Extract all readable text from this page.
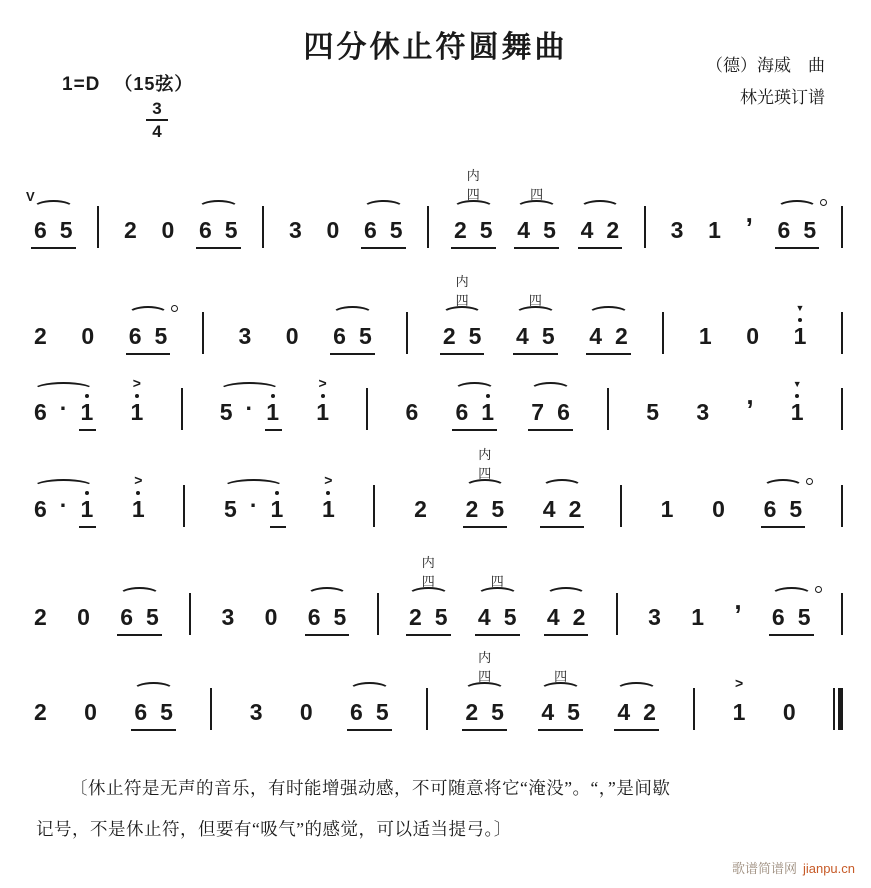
四分休止符圆舞曲
1=D （15弦）
$\frac{3}{4}$
（德）海威　曲
林光瑛订谱
6 5
V
2 0 6 5 3 0 6 5 2 5
内
四
4 5
四
4 2 3 1
,
6 5
2 0 6 5	3 0 6 5	2 5
内
四
4 5
四
4 2	1 0 1
▼
6 · 1 1
>
5 · 1 1
>
6 6 1 7 6	5 3
,
1
▼
6 · 1 1
>
5 · 1 1
>
2 2 5
内
四
4 2	1 0 6 5
2 0 6 5	3 0 6 5	2 5
内
四
4 5
四
4 2	3 1
,
6 5
2 0 6 5	3 0 6 5	2 5
内
四
4 5
四
4 2	1
>
0
〔休止符是无声的音乐，有时能增强动感，不可随意将它“淹没”。“，”是间歇
记号，不是休止符，但要有“吸气”的感觉，可以适当提弓。〕
歌谱简谱网 jianpu.cn
